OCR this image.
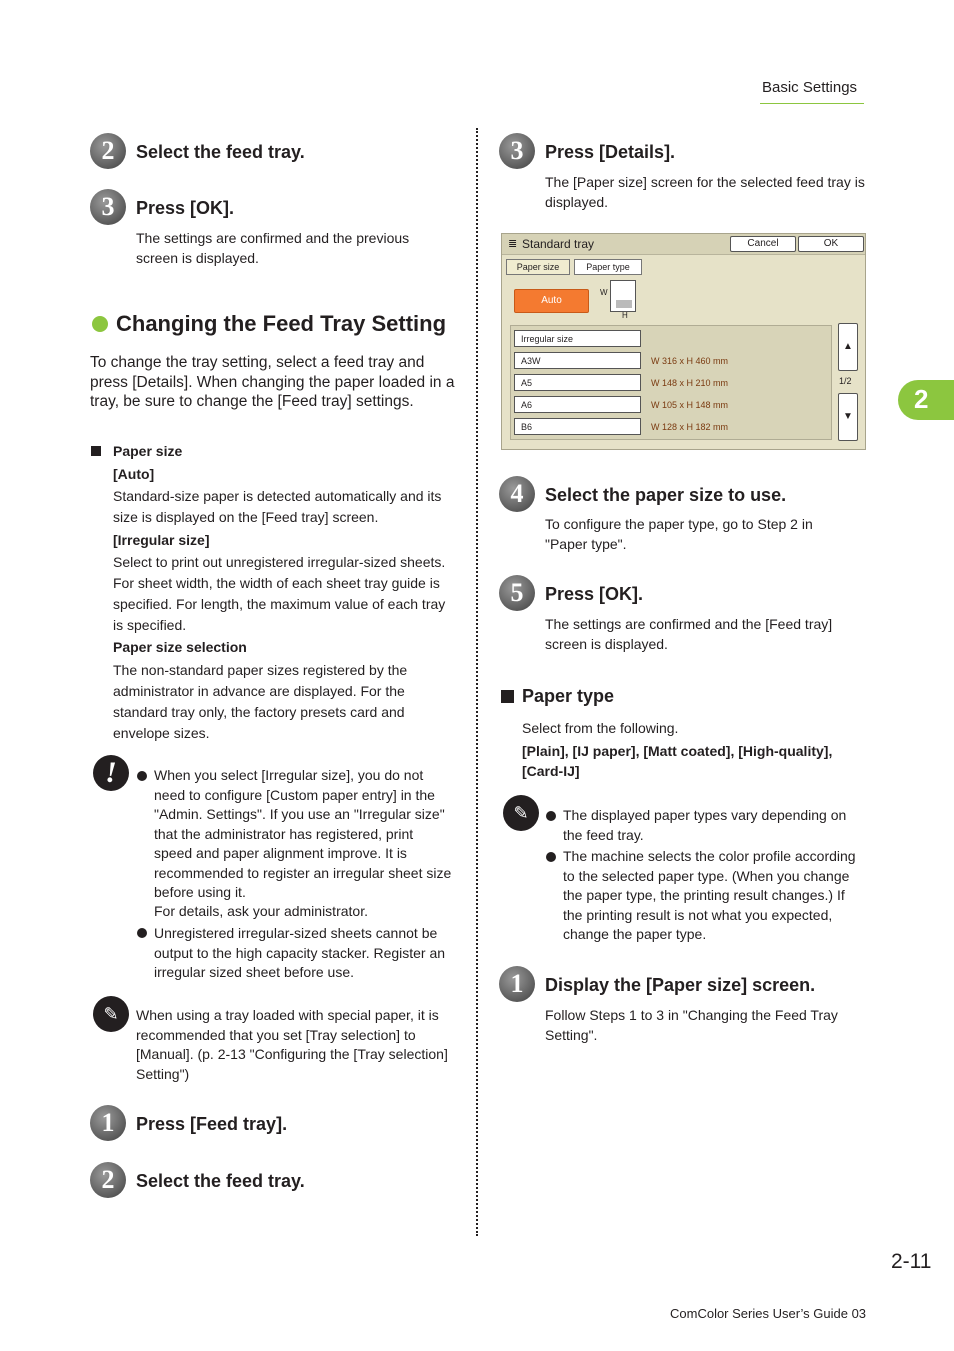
Basic Settings
2
2	Select the feed tray.
3	Press [OK].
The settings are confirmed and the previous screen is displayed.
Changing the Feed Tray Setting
To change the tray setting, select a feed tray and press [Details]. When changing the paper loaded in a tray, be sure to change the [Feed tray] settings.
Paper size
[Auto]
Standard-size paper is detected automatically and its size is displayed on the [Feed tray] screen.
[Irregular size]
Select to print out unregistered irregular-sized sheets. For sheet width, the width of each sheet tray guide is specified. For length, the maximum value of each tray is specified.
Paper size selection
The non-standard paper sizes registered by the administrator in advance are displayed. For the standard tray only, the factory presets card and envelope sizes.
!	When you select [Irregular size], you do not need to configure [Custom paper entry] in the "Admin. Settings". If you use an "Irregular size" that the administrator has registered, print speed and paper alignment improve. It is recommended to register an irregular sheet size before using it.
For details, ask your administrator.
Unregistered irregular-sized sheets cannot be output to the high capacity stacker. Register an irregular sized sheet before use.
✎	When using a tray loaded with special paper, it is recommended that you set [Tray selection] to [Manual]. (p. 2-13 "Configuring the [Tray selection] Setting")
1	Press [Feed tray].
2	Select the feed tray.
3	Press [Details].
The [Paper size] screen for the selected feed tray is displayed.
≣ Standard tray	Cancel	OK
Paper size	Paper type
Auto
W
H
Irregular size
A3W	W 316 x H 460 mm
A5	W 148 x H 210 mm
A6	W 105 x H 148 mm
B6	W 128 x H 182 mm
▲
1/2
▼
4	Select the paper size to use.
To configure the paper type, go to Step 2 in "Paper type".
5	Press [OK].
The settings are confirmed and the [Feed tray] screen is displayed.
Paper type
Select from the following.
[Plain], [IJ paper], [Matt coated], [High-quality], [Card-IJ]
✎	The displayed paper types vary depending on the feed tray.
The machine selects the color profile according to the selected paper type. (When you change the paper type, the printing result changes.) If the printing result is not what you expected, change the paper type.
1	Display the [Paper size] screen.
Follow Steps 1 to 3 in "Changing the Feed Tray Setting".
2-11
ComColor Series User’s Guide 03
